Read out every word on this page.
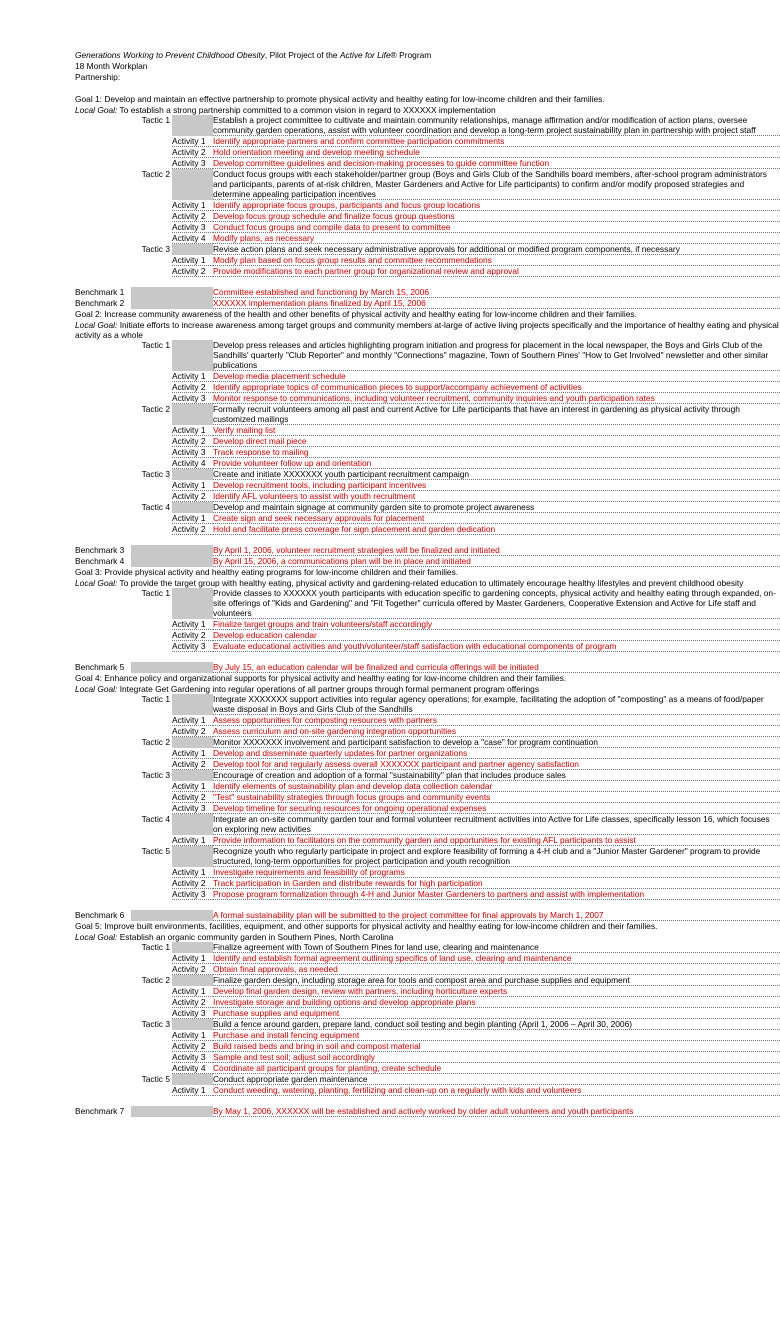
Generations Working to Prevent Childhood Obesity, Pilot Project of the Active for Life® Program
18 Month Workplan
Partnership:
Goal 1: Develop and maintain an effective partnership to promote physical activity and healthy eating for low-income children and their families.
Local Goal: To establish a strong partnership committed to a common vision in regard to XXXXXX implementation
Tactic 1	Establish a project committee to cultivate and maintain community relationships, manage affirmation and/or modification of action plans, oversee community garden operations, assist with volunteer coordination and develop a long-term project sustainability plan in partnership with project staff
Activity 1 Identify appropriate partners and confirm committee participation commitments
Activity 2 Hold orientation meeting and develop meeting schedule
Activity 3 Develop committee guidelines and decision-making processes to guide committee function
Tactic 2	Conduct focus groups with each stakeholder/partner group (Boys and Girls Club of the Sandhills board members, after-school program administrators and participants, parents of at-risk children, Master Gardeners and Active for Life participants) to confirm and/or modify proposed strategies and determine appealing participation incentives
Activity 1 Identify appropriate focus groups, participants and focus group locations
Activity 2 Develop focus group schedule and finalize focus group questions
Activity 3 Conduct focus groups and compile data to present to committee
Activity 4 Modify plans, as necessary
Tactic 3	Revise action plans and seek necessary administrative approvals for additional or modified program components, if necessary
Activity 1 Modify plan based on focus group results and committee recommendations
Activity 2 Provide modifications to each partner group for organizational review and approval
Benchmark 1	Committee established and functioning by March 15, 2006
Benchmark 2	XXXXXX implementation plans finalized by April 15, 2006
Goal 2: Increase community awareness of the health and other benefits of physical activity and healthy eating for low-income children and their families.
Local Goal: Initiate efforts to increase awareness among target groups and community members at-large of active living projects specifically and the importance of healthy eating and physical activity as a whole
Tactic 1	Develop press releases and articles highlighting program initiation and progress for placement in the local newspaper, the Boys and Girls Club of the Sandhills' quarterly "Club Reporter" and monthly "Connections" magazine, Town of Southern Pines' "How to Get Involved" newsletter and other similar publications
Activity 1 Develop media placement schedule
Activity 2 Identify appropriate topics of communication pieces to support/accompany achievement of activities
Activity 3 Monitor response to communications, including volunteer recruitment, community inquiries and youth participation rates
Tactic 2	Formally recruit volunteers among all past and current Active for Life participants that have an interest in gardening as physical activity through customized mailings
Activity 1 Verify mailing list
Activity 2 Develop direct mail piece
Activity 3 Track response to mailing
Activity 4 Provide volunteer follow up and orientation
Tactic 3	Create and initiate XXXXXXX youth participant recruitment campaign
Activity 1 Develop recruitment tools, including participant incentives
Activity 2 Identify AFL volunteers to assist with youth recruitment
Tactic 4	Develop and maintain signage at community garden site to promote project awareness
Activity 1 Create sign and seek necessary approvals for placement
Activity 2 Hold and facilitate press coverage for sign placement and garden dedication
Benchmark 3	By April 1, 2006, volunteer recruitment strategies will be finalized and initiated
Benchmark 4	By April 15, 2006, a communications plan will be in place and initiated
Goal 3: Provide physical activity and healthy eating programs for low-income children and their families.
Local Goal: To provide the target group with healthy eating, physical activity and gardening-related education to ultimately encourage healthy lifestyles and prevent childhood obesity
Tactic 1	Provide classes to XXXXXX youth participants with education specific to gardening concepts, physical activity and healthy eating through expanded, on-site offerings of "Kids and Gardening" and "Fit Together" curricula offered by Master Gardeners, Cooperative Extension and Active for Life staff and volunteers
Activity 1 Finalize target groups and train volunteers/staff accordingly
Activity 2 Develop education calendar
Activity 3 Evaluate educational activities and youth/volunteer/staff satisfaction with educational components of program
Benchmark 5	By July 15, an education calendar will be finalized and curricula offerings will be initiated
Goal 4: Enhance policy and organizational supports for physical activity and healthy eating for low-income children and their families.
Local Goal: Integrate Get Gardening into regular operations of all partner groups through formal permanent program offerings
Tactic 1	Integrate XXXXXXX support activities into regular agency operations; for example, facilitating the adoption of "composting" as a means of food/paper waste disposal in Boys and Girls Club of the Sandhills
Activity 1 Assess opportunities for composting resources with partners
Activity 2 Assess curriculum and on-site gardening integration opportunities
Tactic 2	Monitor XXXXXXX involvement and participant satisfaction to develop a "case" for program continuation
Activity 1 Develop and disseminate quarterly updates for partner organizations
Activity 2 Develop tool for and regularly assess overall XXXXXXX participant and partner agency satisfaction
Tactic 3	Encourage of creation and adoption of a formal "sustainability" plan that includes produce sales
Activity 1 Identify elements of sustainability plan and develop data collection calendar
Activity 2 "Test" sustainability strategies through focus groups and community events
Activity 3 Develop timeline for securing resources for ongoing operational expenses
Tactic 4	Integrate an on-site community garden tour and formal volunteer recruitment activities into Active for Life classes, specifically lesson 16, which focuses on exploring new activities
Activity 1 Provide information to facilitators on the community garden and opportunities for existing AFL participants to assist
Tactic 5	Recognize youth who regularly participate in project and explore feasibility of forming a 4-H club and a "Junior Master Gardener" program to provide structured, long-term opportunities for project participation and youth recognition
Activity 1 Investigate requirements and feasibility of programs
Activity 2 Track participation in Garden and distribute rewards for high participation
Activity 3 Propose program formalization through 4-H and Junior Master Gardeners to partners and assist with implementation
Benchmark 6	A formal sustainability plan will be submitted to the project committee for final approvals by March 1, 2007
Goal 5: Improve built environments, facilities, equipment, and other supports for physical activity and healthy eating for low-income children and their families.
Local Goal: Establish an organic community garden in Southern Pines, North Carolina
Tactic 1	Finalize agreement with Town of Southern Pines for land use, clearing and maintenance
Activity 1 Identify and establish formal agreement outlining specifics of land use, clearing and maintenance
Activity 2 Obtain final approvals, as needed
Tactic 2	Finalize garden design, including storage area for tools and compost area and purchase supplies and equipment
Activity 1 Develop final garden design, review with partners, including horticulture experts
Activity 2 Investigate storage and building options and develop appropriate plans
Activity 3 Purchase supplies and equipment
Tactic 3	Build a fence around garden, prepare land, conduct soil testing and begin planting (April 1, 2006 – April 30, 2006)
Activity 1 Purchase and install fencing equipment
Activity 2 Build raised beds and bring in soil and compost material
Activity 3 Sample and test soil; adjust soil accordingly
Activity 4 Coordinate all participant groups for planting, create schedule
Tactic 5	Conduct appropriate garden maintenance
Activity 1 Conduct weeding, watering, planting, fertilizing and clean-up on a regularly with kids and volunteers
Benchmark 7	By May 1, 2006, XXXXXX will be established and actively worked by older adult volunteers and youth participants
